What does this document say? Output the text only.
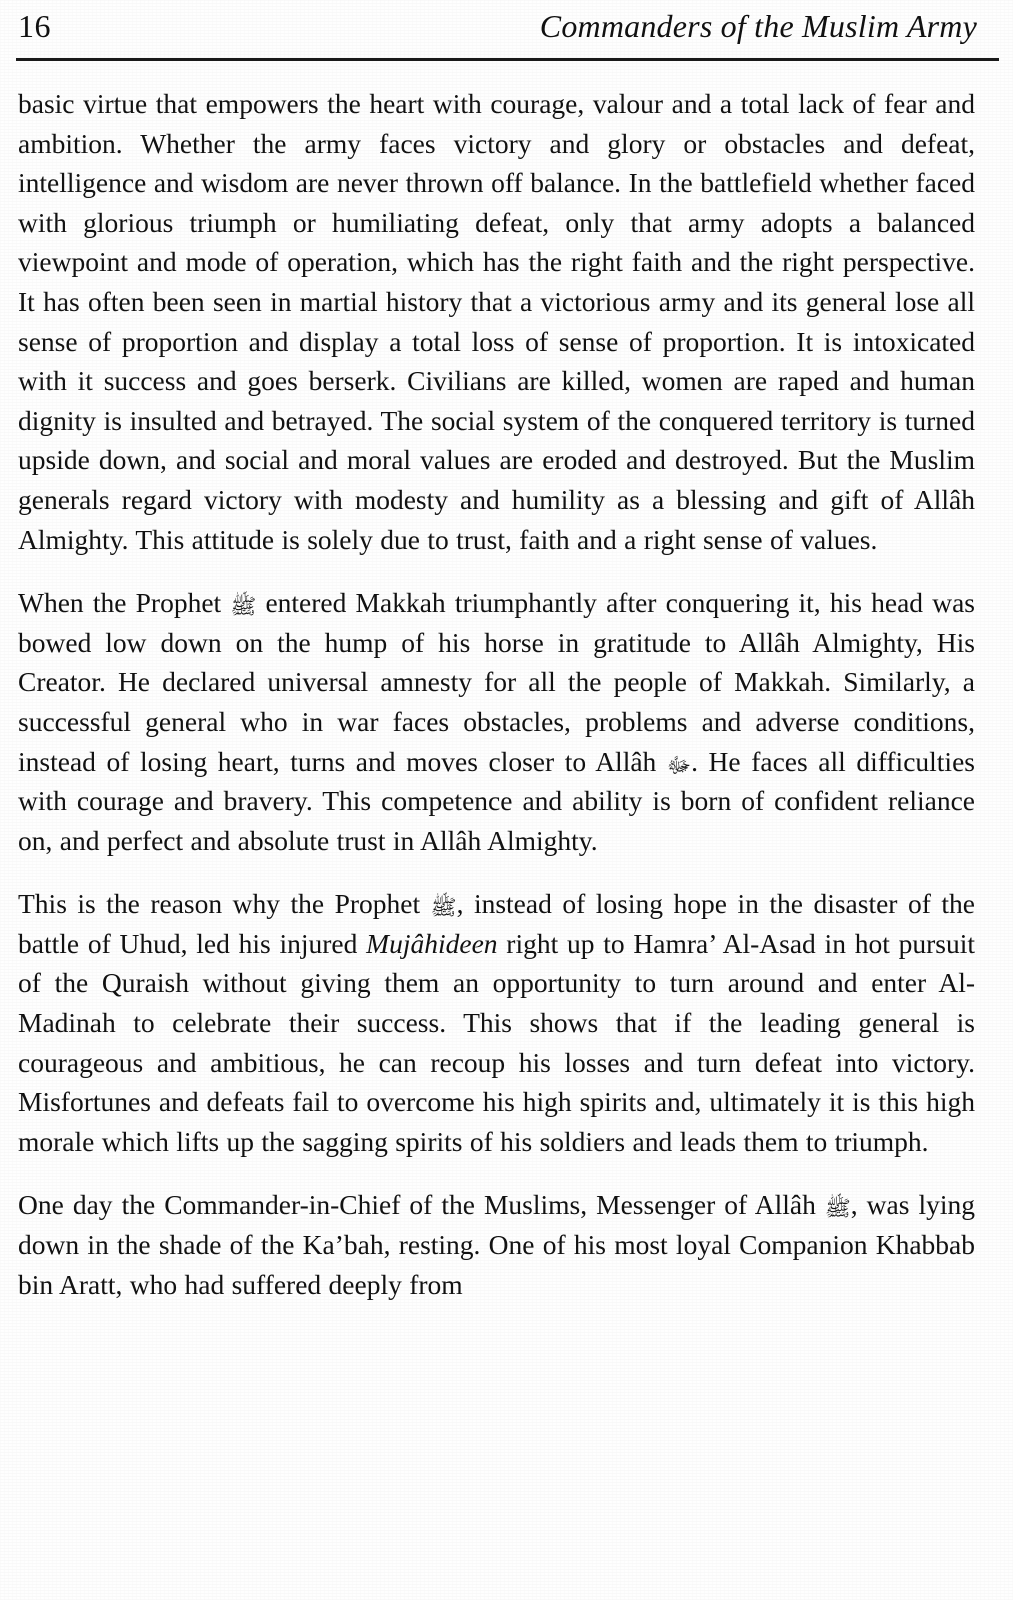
16	Commanders of the Muslim Army

basic virtue that empowers the heart with courage, valour and a total lack of fear and ambition. Whether the army faces victory and glory or obstacles and defeat, intelligence and wisdom are never thrown off balance. In the battlefield whether faced with glorious triumph or humiliating defeat, only that army adopts a balanced viewpoint and mode of operation, which has the right faith and the right perspective. It has often been seen in martial history that a victorious army and its general lose all sense of proportion and display a total loss of sense of proportion. It is intoxicated with it success and goes berserk. Civilians are killed, women are raped and human dignity is insulted and betrayed. The social system of the conquered territory is turned upside down, and social and moral values are eroded and destroyed. But the Muslim generals regard victory with modesty and humility as a blessing and gift of Allâh Almighty. This attitude is solely due to trust, faith and a right sense of values.

When the Prophet ﷺ entered Makkah triumphantly after conquering it, his head was bowed low down on the hump of his horse in gratitude to Allâh Almighty, His Creator. He declared universal amnesty for all the people of Makkah. Similarly, a successful general who in war faces obstacles, problems and adverse conditions, instead of losing heart, turns and moves closer to Allâh ﷻ. He faces all difficulties with courage and bravery. This competence and ability is born of confident reliance on, and perfect and absolute trust in Allâh Almighty.

This is the reason why the Prophet ﷺ, instead of losing hope in the disaster of the battle of Uhud, led his injured Mujâhideen right up to Hamra’ Al-Asad in hot pursuit of the Quraish without giving them an opportunity to turn around and enter Al-Madinah to celebrate their success. This shows that if the leading general is courageous and ambitious, he can recoup his losses and turn defeat into victory. Misfortunes and defeats fail to overcome his high spirits and, ultimately it is this high morale which lifts up the sagging spirits of his soldiers and leads them to triumph.

One day the Commander-in-Chief of the Muslims, Messenger of Allâh ﷺ, was lying down in the shade of the Ka’bah, resting. One of his most loyal Companion Khabbab bin Aratt, who had suffered deeply from
